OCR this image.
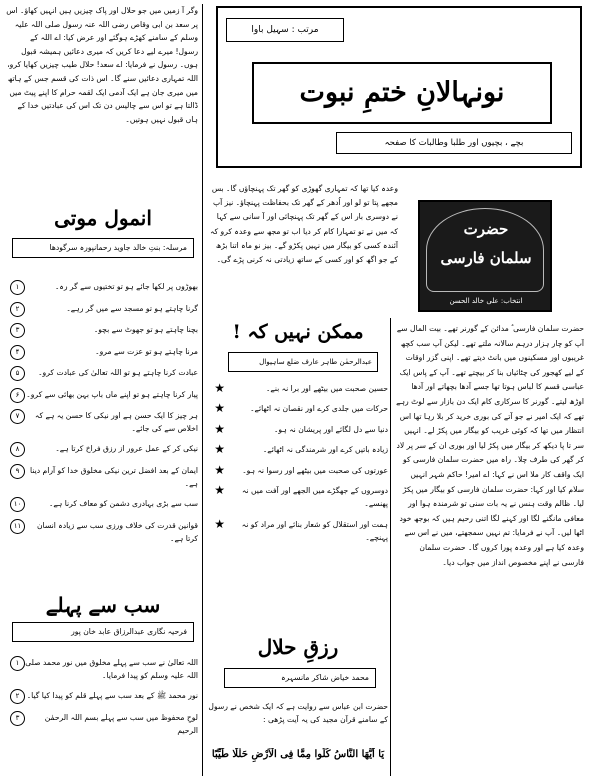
وگر آ زمیں میں جو حلال اور پاک چیزیں ہیں انہیں کھاؤ۔ اس پر سعد بن ابی وقاص رضی اللہ عنہ رسول صلی اللہ علیہ وسلم کے سامنے کھڑے ہوگئے اور عرض کیا: اے اللہ کے رسول! میرے لیے دعا کریں کہ میری دعائیں ہمیشہ قبول ہوں۔ رسول نے فرمایا: اے سعد! حلال طیب چیزیں کھایا کرو، اللہ تمہاری دعائیں سنے گا۔ اس ذات کی قسم جس کے ہاتھ میں میری جان ہے ایک آدمی ایک لقمہ حرام کا اپنے پیٹ میں ڈالتا ہے تو اس سے چالیس دن تک اس کی عبادتیں خدا کے ہاں قبول نہیں ہوتیں۔
انمول موتی
مرسلہ: بنتِ خالد جاوید رحمانپورہ سرگودھا
۱	بھوڑوں پر لکھا جائے ہو تو تختیوں سے گر رہ۔
۲	گرنا چاہتے ہو تو مسجد سے میں گر رہے۔
۳	بچنا چاہتے ہو تو جھوٹ سے بچو۔
۴	مرنا چاہتے ہو تو عزت سے مرو۔
۵	عبادت کرنا چاہتے ہو تو اللہ تعالیٰ کی عبادت کرو۔
۶ پیار کرنا چاہتے ہو تو اپنے ماں باپ بہن بھائی سے کرو۔
۷	ہر چیز کا ایک حسن ہے اور نیکی کا حسن یہ ہے کہ اخلاص سے کی جائے۔
۸	نیکی کر کے عمل عرور از رزق فراخ کرتا ہے۔
۹	ایمان کے بعد افضل ترین نیکی مخلوق خدا کو آرام دینا ہے۔
۱۰	سب سے بڑی بہادری دشمن کو معاف کرنا ہے۔
۱۱	قوانین قدرت کی خلاف ورزی سب سے زیادہ انسان کرتا ہے۔
سب سے پہلے
فرحیہ نگاری عبدالرزاق عابد خان پور
۱ اللہ تعالیٰ نے سب سے پہلے مخلوق میں نور محمد صلی اللہ علیہ وسلم کو پیدا فرمایا۔
۲ نور محمد ﷺ کے بعد سب سے پہلے قلم کو پیدا کیا گیا۔
۳	لوحِ محفوظ میں سب سے پہلے بسم اللہ الرحمٰن الرحیم
مرتب : سہیل باوا
نونہالانِ ختمِ نبوت
بچے ، بچیوں اور طلبا وطالبات کا صفحہ
وعدہ کیا تھا کہ تمہاری گھوڑی کو گھر تک پہنچاؤں گا۔ بس مجھے پتا تو لو اور اُدھر کے گھر تک بحفاظت پہنچاؤ۔ نیز آپ نے دوسری بار اس کے گھر تک پہنچائی اور آ سانی سے کہا کہ میں نے تو تمہارا کام کر دیا اب تو مجھ سے وعدہ کرو کہ آئندہ کسی کو بیگار میں نہیں پکڑو گے۔ بیز نو ماہ اتنا بڑھ کے جو اگھ کو اور کسی کے ساتھ زیادتی نہ کرنی پڑے گی۔
حضرت
سلمان فارسی
انتخاب: علی خالد الحسن
ممکن نہیں کہ !
عبدالرحمٰن طاہر عارف ضلع ساہیوال
★	حسین صحبت میں بیٹھے اور برا نہ بنے۔
★	حرکات میں جلدی کرے اور نقصان نہ اٹھائے۔
★	دنیا سے دل لگائے اور پریشان نہ ہو۔
★	زیادہ باتیں کرے اور شرمندگی نہ اٹھائے۔
★	عورتوں کی صحبت میں بیٹھے اور رسوا نہ ہو۔
★	دوسروں کے جھگڑے میں الجھے اور آفت میں نہ پھنسے۔
★	ہمت اور استقلال کو شعار بنائے اور مراد کو نہ پہنچے۔
رزقِ حلال
محمد خیاض شاکر مانسہرہ
حضرت ابن عباس سے روایت ہے کہ ایک شخص نے رسول کے سامنے قرآن مجید کی یہ آیت پڑھی :
یَا اَیُّھَا النَّاسُ کُلُوا مِمَّا فِی الْاَرْضِ حَلٰلًا طَیِّبًا
حضرت سلمان فارسی ؓ مدائن کے گورنر تھے۔ بیت المال سے آپ کو چار ہزار درہم سالانہ ملتے تھے۔ لیکن آپ سب کچھ غریبوں اور مسکینوں میں بانٹ دیتے تھے۔ اپنی گزر اوقات کے لیے کھجور کی چٹائیاں بنا کر بیچتے تھے۔ آپ کے پاس ایک عباسی قسم کا لباس ہوتا تھا جسے آدھا بچھاتے اور آدھا اوڑھ لیتے۔ گورنر کا سرکاری کام ایک دن بازار سے لوٹ رہے تھے کہ ایک امیر نے جو آتے کی بوری خرید کر بلا رہا تھا اس انتظار میں تھا کہ کوئی غریب کو بیگار میں پکڑ لے۔ انہیں سر تا پا دیکھ کر بیگار میں پکڑ لیا اور بوری ان کے سر پر لاد کر گھر کی طرف چلا۔ راہ میں حضرت سلمان فارسی کو ایک واقف کار ملا اس نے کہا: اے امیر! حاکم شہر انہیں سلام کیا اور کہا: حضرت سلمان فارسی کو بیگار میں پکڑ لیا۔ ظالم وقت ہنس نے یہ بات سنی تو شرمندہ ہوا اور معافی مانگنے لگا اور کہنے لگا اتنی رحیم ہیں کہ بوجھ خود اٹھا لیں۔ آپ نے فرمایا: تم نہیں سمجھتے، میں نے اس سے وعدہ کیا ہے اور وعدہ پورا کروں گا۔ حضرت سلمان فارسی نے اپنے مخصوص انداز میں جواب دیا۔
